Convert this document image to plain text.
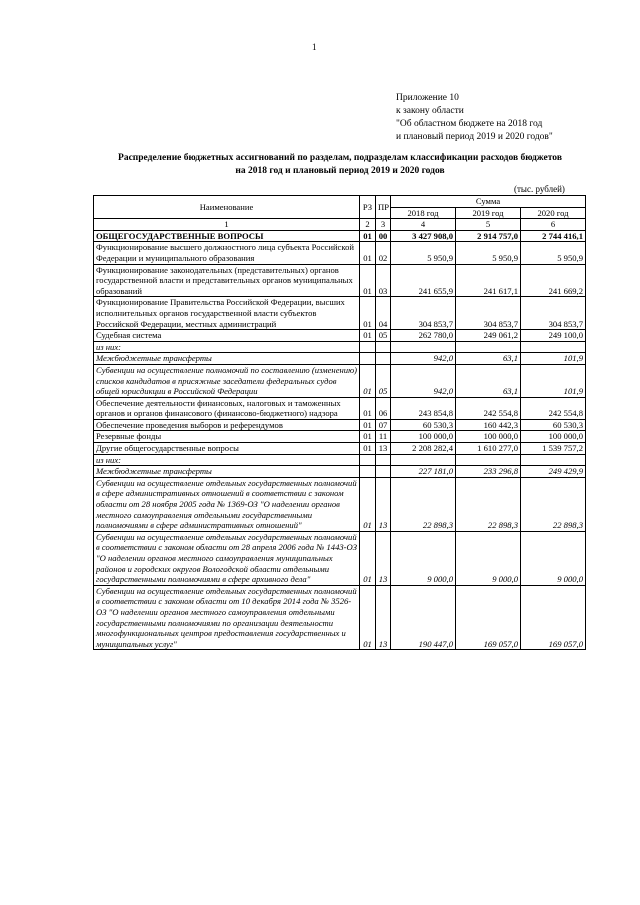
1
Приложение 10
к закону области
"Об областном бюджете на 2018 год
и плановый период 2019 и 2020 годов"
Распределение бюджетных ассигнований по разделам, подразделам классификации расходов бюджетов
на 2018 год и плановый период 2019 и 2020 годов
(тыс. рублей)
Наименование	РЗ	ПР	Сумма		
			2018 год	2019 год	2020 год
1	2	3	4	5	6
ОБЩЕГОСУДАРСТВЕННЫЕ ВОПРОСЫ	01	00	3 427 908,0	2 914 757,0	2 744 416,1
Функционирование высшего должностного лица субъекта Российской Федерации и муниципального образования	01	02	5 950,9	5 950,9	5 950,9
Функционирование законодательных (представительных) органов государственной власти и представительных органов муниципальных образований	01	03	241 655,9	241 617,1	241 669,2
Функционирование Правительства Российской Федерации, высших исполнительных органов государственной власти субъектов Российской Федерации, местных администраций	01	04	304 853,7	304 853,7	304 853,7
Судебная система	01	05	262 780,0	249 061,2	249 100,0
из них:					
Межбюджетные трансферты			942,0	63,1	101,9
Субвенции на осуществление полномочий по составлению (изменению) списков кандидатов в присяжные заседатели федеральных судов общей юрисдикции в Российской Федерации	01	05	942,0	63,1	101,9
Обеспечение деятельности финансовых, налоговых и таможенных органов и органов финансового (финансово-бюджетного) надзора	01	06	243 854,8	242 554,8	242 554,8
Обеспечение проведения выборов и референдумов	01	07	60 530,3	160 442,3	60 530,3
Резервные фонды	01	11	100 000,0	100 000,0	100 000,0
Другие общегосударственные вопросы	01	13	2 208 282,4	1 610 277,0	1 539 757,2
из них:					
Межбюджетные трансферты			227 181,0	233 296,8	249 429,9
Субвенции на осуществление отдельных государственных полномочий в сфере административных отношений в соответствии с законом области от 28 ноября 2005 года № 1369-ОЗ "О наделении органов местного самоуправления отдельными государственными полномочиями в сфере административных отношений"	01	13	22 898,3	22 898,3	22 898,3
Субвенции на осуществление отдельных государственных полномочий в соответствии с законом области от 28 апреля 2006 года № 1443-ОЗ "О наделении органов местного самоуправления муниципальных районов и городских округов Вологодской области отдельными государственными полномочиями в сфере архивного дела"	01	13	9 000,0	9 000,0	9 000,0
Субвенции на осуществление отдельных государственных полномочий в соответствии с законом области от 10 декабря 2014 года № 3526-ОЗ "О наделении органов местного самоуправления отдельными государственными полномочиями по организации деятельности многофункциональных центров предоставления государственных и муниципальных услуг"	01	13	190 447,0	169 057,0	169 057,0
